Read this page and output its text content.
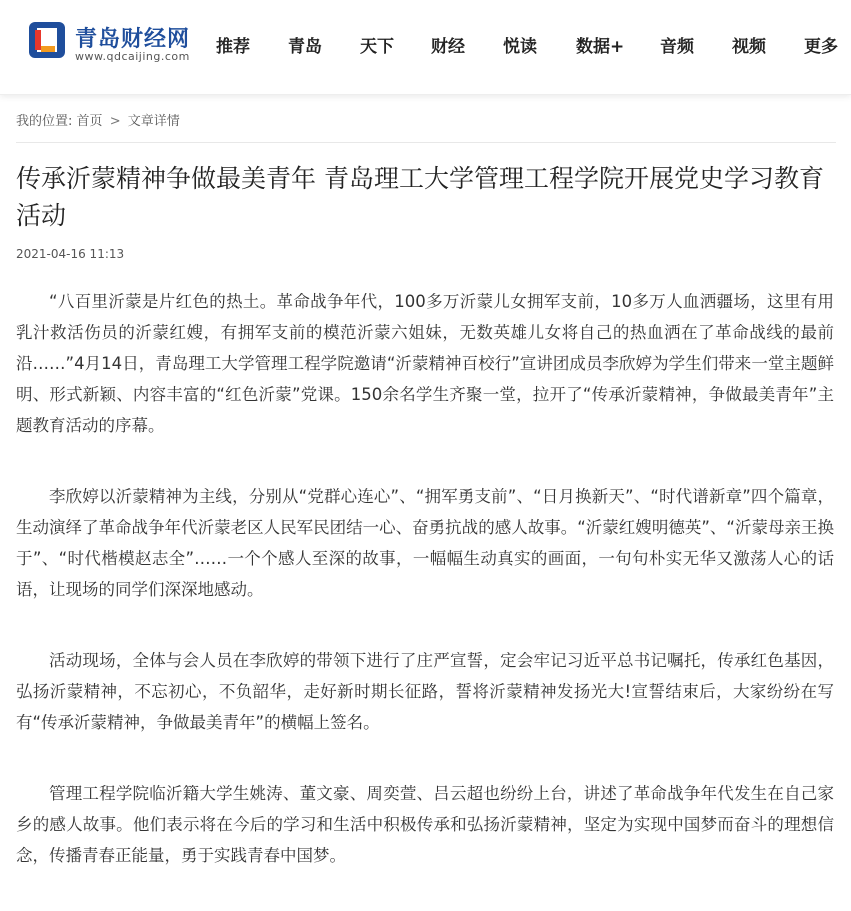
青岛财经网
www.qdcaijing.com 推荐 青岛 天下 财经 悦读 数据+ 音频 视频 更多
我的位置: 首页 > 文章详情
传承沂蒙精神争做最美青年 青岛理工大学管理工程学院开展党史学习教育活动
2021-04-16 11:13

“八百里沂蒙是片红色的热土。革命战争年代，100多万沂蒙儿女拥军支前，10多万人血洒疆场，这里有用乳汁救活伤员的沂蒙红嫂，有拥军支前的模范沂蒙六姐妹，无数英雄儿女将自己的热血洒在了革命战线的最前沿……”4月14日，青岛理工大学管理工程学院邀请“沂蒙精神百校行”宣讲团成员李欣婷为学生们带来一堂主题鲜明、形式新颖、内容丰富的“红色沂蒙”党课。150余名学生齐聚一堂，拉开了“传承沂蒙精神，争做最美青年”主题教育活动的序幕。

李欣婷以沂蒙精神为主线，分别从“党群心连心”、“拥军勇支前”、“日月换新天”、“时代谱新章”四个篇章，生动演绎了革命战争年代沂蒙老区人民军民团结一心、奋勇抗战的感人故事。“沂蒙红嫂明德英”、“沂蒙母亲王换于”、“时代楷模赵志全”……一个个感人至深的故事，一幅幅生动真实的画面，一句句朴实无华又激荡人心的话语，让现场的同学们深深地感动。

活动现场，全体与会人员在李欣婷的带领下进行了庄严宣誓，定会牢记习近平总书记嘱托，传承红色基因，弘扬沂蒙精神，不忘初心，不负韶华，走好新时期长征路，誓将沂蒙精神发扬光大!宣誓结束后，大家纷纷在写有“传承沂蒙精神，争做最美青年”的横幅上签名。

管理工程学院临沂籍大学生姚涛、董文豪、周奕萱、吕云超也纷纷上台，讲述了革命战争年代发生在自己家乡的感人故事。他们表示将在今后的学习和生活中积极传承和弘扬沂蒙精神，坚定为实现中国梦而奋斗的理想信念，传播青春正能量，勇于实践青春中国梦。
